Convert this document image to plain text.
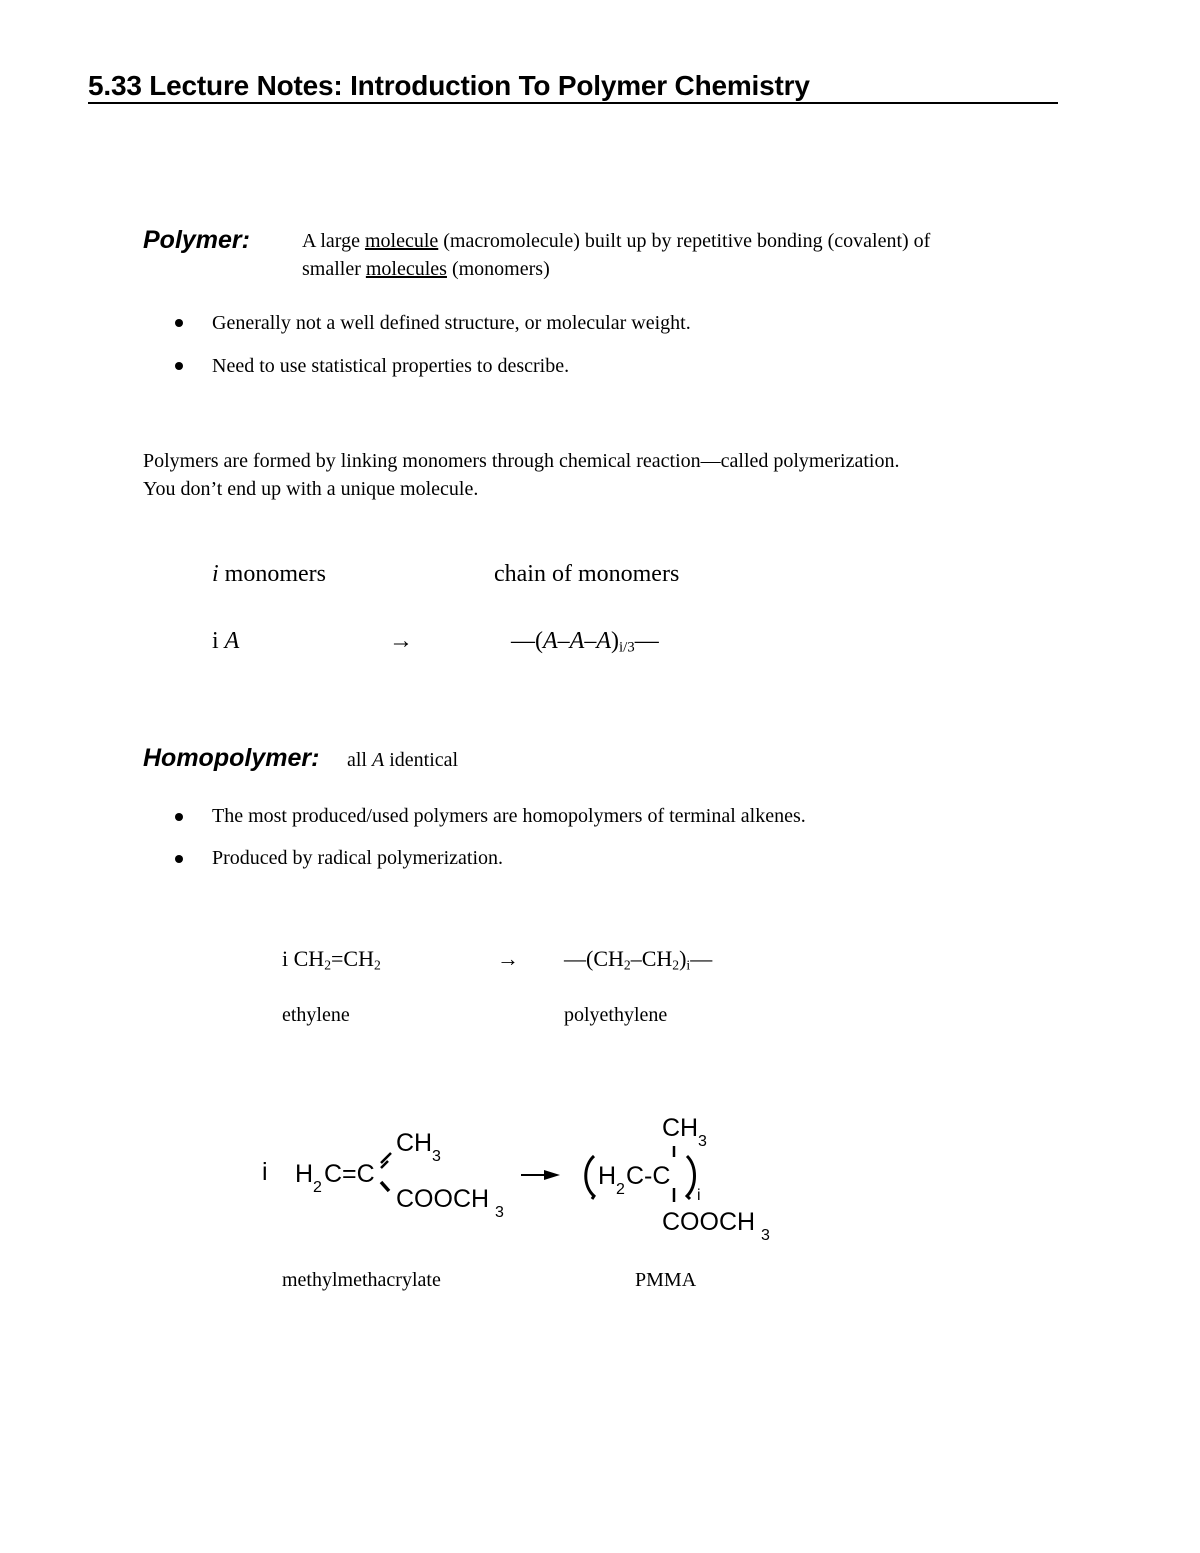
5.33 Lecture Notes: Introduction To Polymer Chemistry
Polymer:	A large molecule (macromolecule) built up by repetitive bonding (covalent) of
smaller molecules (monomers)
Generally not a well defined structure, or molecular weight.
Need to use statistical properties to describe.
Polymers are formed by linking monomers through chemical reaction—called polymerization.
You don’t end up with a unique molecule.
i monomers	chain of monomers
i A	→	$—(A-A-A)_{i/3}—$
Homopolymer: all A identical
The most produced/used polymers are homopolymers of terminal alkenes.
Produced by radical polymerization.
i $CH_2=CH_2$	→ $—(CH_2-CH_2)_i—$
ethylene	polyethylene
i H 2 C=C
CH 3
COOCH 3
H 2 C-C
i
CH 3
COOCH 3
methylmethacrylate	PMMA
